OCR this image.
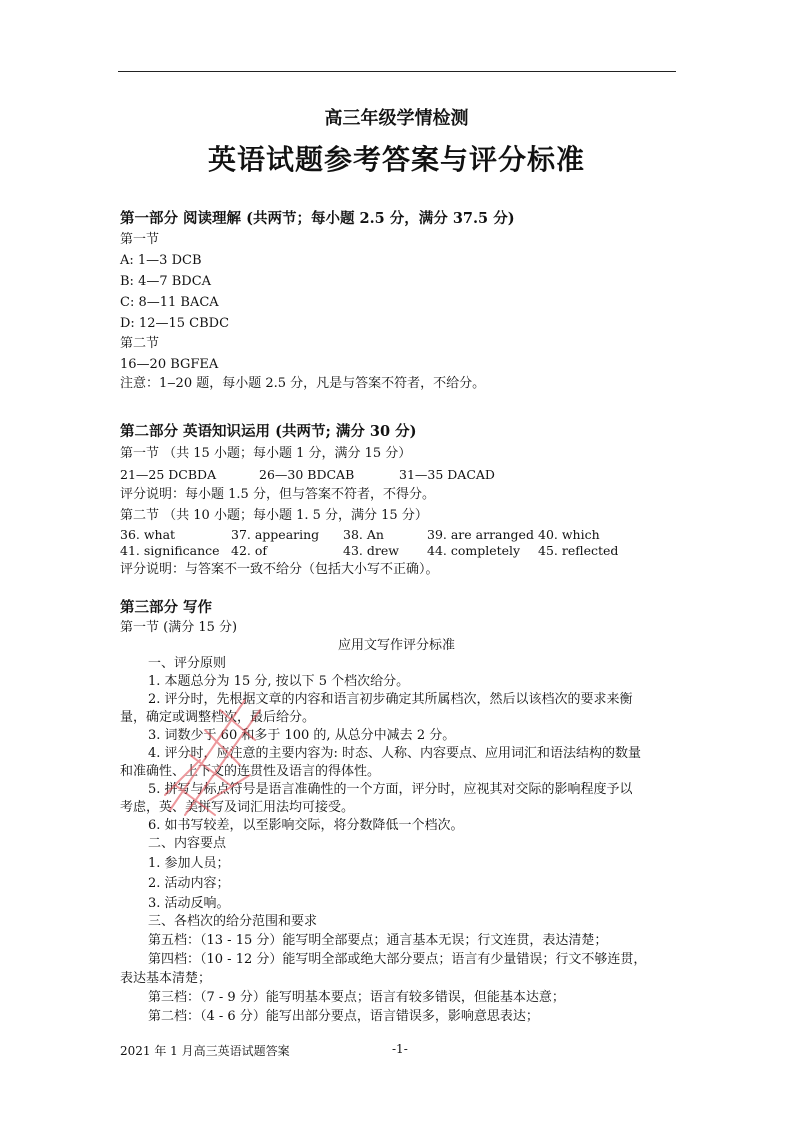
高三年级学情检测
英语试题参考答案与评分标准
第一部分 阅读理解 (共两节；每小题 2.5 分，满分 37.5 分)
第一节
A: 1—3 DCB
B: 4—7 BDCA
C: 8—11 BACA
D: 12—15 CBDC
第二节
16—20 BGFEA
注意：1‒20 题，每小题 2.5 分，凡是与答案不符者，不给分。
第二部分 英语知识运用 (共两节; 满分 30 分)
第一节 （共 15 小题；每小题 1 分，满分 15 分）
21—25 DCBDA	26—30 BDCAB	31—35 DACAD
评分说明：每小题 1.5 分，但与答案不符者，不得分。
第二节 （共 10 小题；每小题 1. 5 分，满分 15 分）
36. what	37. appearing 38. An	39. are arranged 40. which
41. significance 42. of	43. drew 44. completely 45. reflected
评分说明：与答案不一致不给分（包括大小写不正确）。
第三部分 写作
第一节 (满分 15 分)
应用文写作评分标准
一、评分原则
1. 本题总分为 15 分, 按以下 5 个档次给分。
2. 评分时，先根据文章的内容和语言初步确定其所属档次，然后以该档次的要求来衡
量，确定或调整档次，最后给分。
3. 词数少于 60 和多于 100 的, 从总分中减去 2 分。
4. 评分时，应注意的主要内容为: 时态、人称、内容要点、应用词汇和语法结构的数量
和准确性、上下文的连贯性及语言的得体性。
5. 拼写与标点符号是语言准确性的一个方面，评分时，应视其对交际的影响程度予以
考虑，英、美拼写及词汇用法均可接受。
6. 如书写较差，以至影响交际，将分数降低一个档次。
二、内容要点
1. 参加人员；
2. 活动内容；
3. 活动反响。
三、各档次的给分范围和要求
第五档：（13 - 15 分）能写明全部要点；通言基本无误；行文连贯，表达清楚；
第四档：（10 - 12 分）能写明全部或绝大部分要点；语言有少量错误；行文不够连贯，
表达基本清楚；
第三档：（7 - 9 分）能写明基本要点；语言有较多错误，但能基本达意；
第二档：（4 - 6 分）能写出部分要点，语言错误多，影响意思表达；
2021 年 1 月高三英语试题答案	-1-
